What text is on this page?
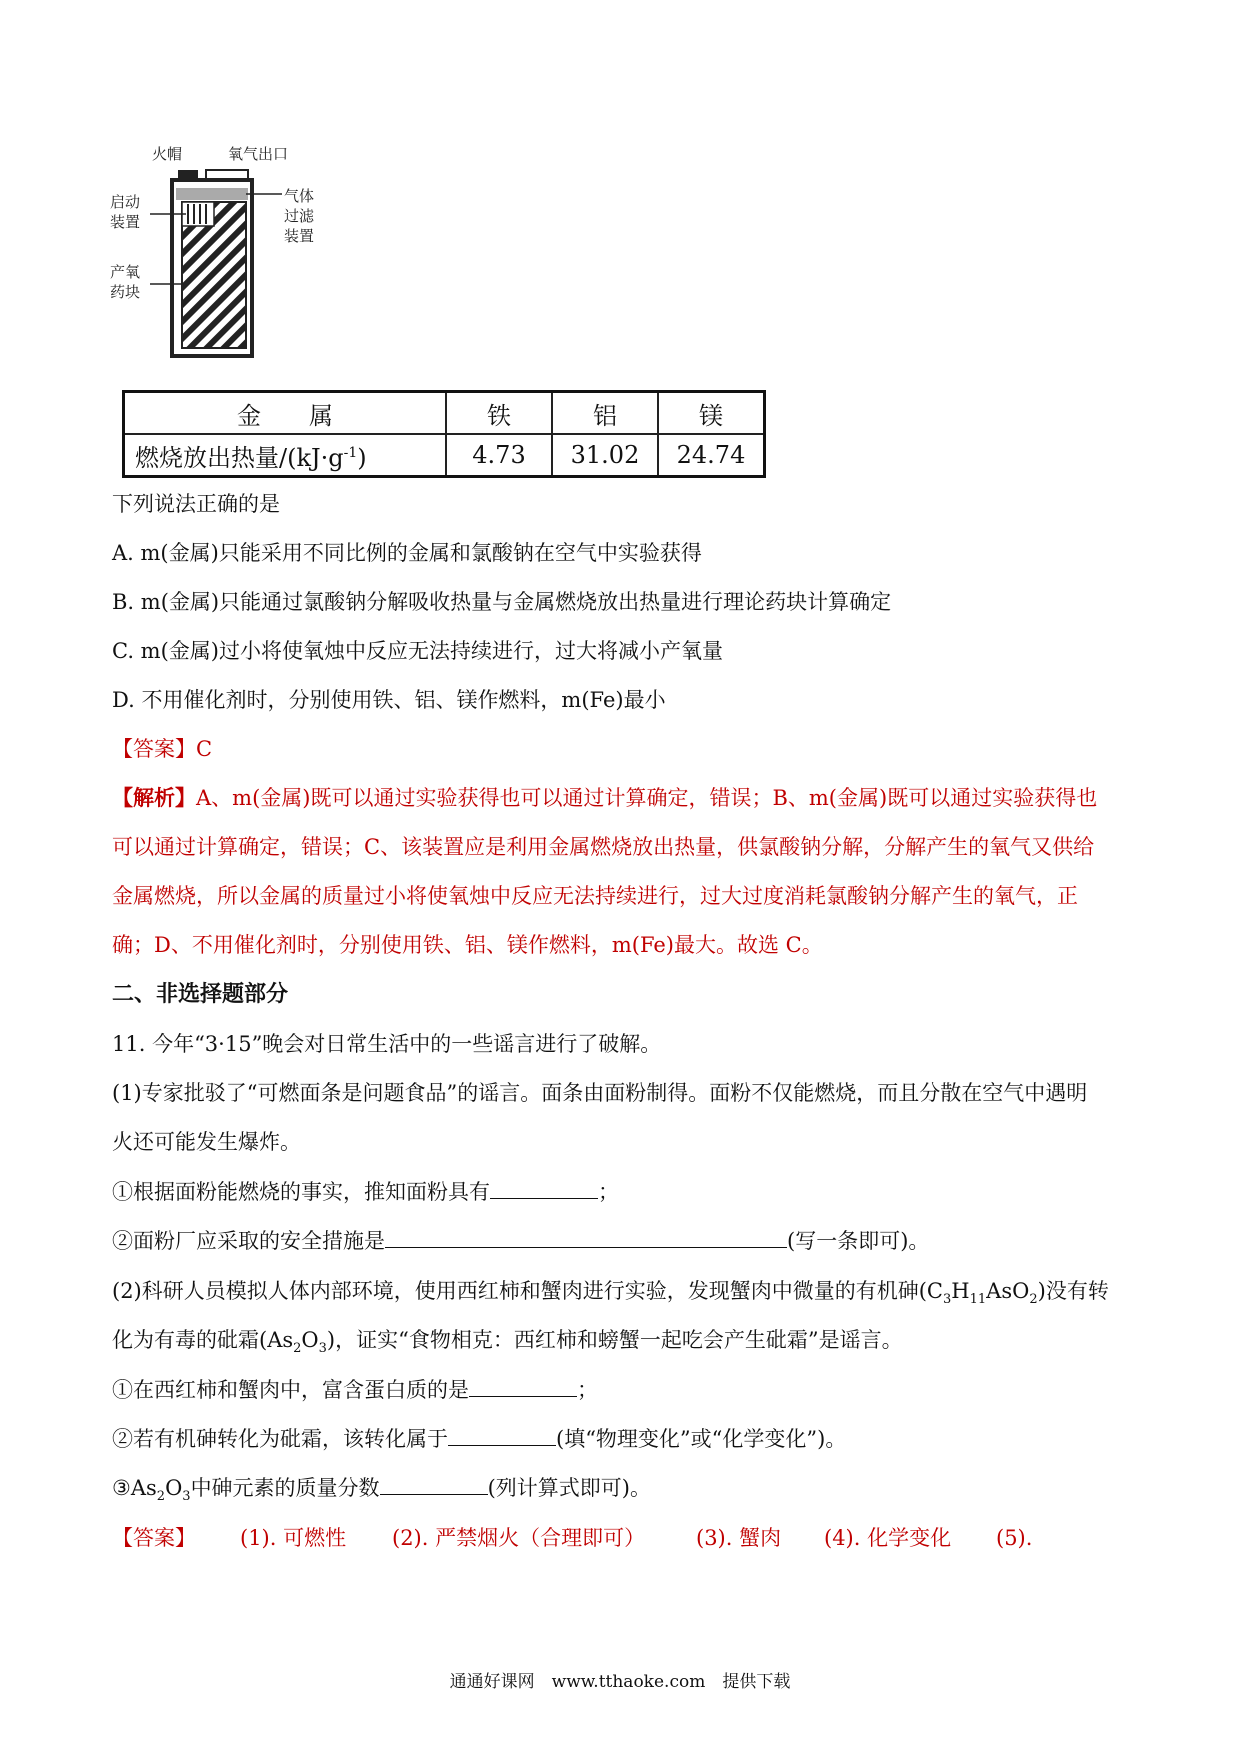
火帽	氧气出口
启动装置
气体过滤装置
产氧药块
金　　属	铁	铝	镁
燃烧放出热量$/(kJ\cdot g^{-1})$	4.73	31.02	24.74
下列说法正确的是
A. m(金属)只能采用不同比例的金属和氯酸钠在空气中实验获得
B. m(金属)只能通过氯酸钠分解吸收热量与金属燃烧放出热量进行理论药块计算确定
C. m(金属)过小将使氧烛中反应无法持续进行，过大将减小产氧量
D. 不用催化剂时，分别使用铁、铝、镁作燃料，m(Fe)最小
【答案】C
【解析】A、m(金属)既可以通过实验获得也可以通过计算确定，错误；B、m(金属)既可以通过实验获得也
可以通过计算确定，错误；C、该装置应是利用金属燃烧放出热量，供氯酸钠分解，分解产生的氧气又供给
金属燃烧，所以金属的质量过小将使氧烛中反应无法持续进行，过大过度消耗氯酸钠分解产生的氧气，正
确；D、不用催化剂时，分别使用铁、铝、镁作燃料，m(Fe)最大。故选 C。
二、非选择题部分
11. 今年“3·15”晚会对日常生活中的一些谣言进行了破解。
(1)专家批驳了“可燃面条是问题食品”的谣言。面条由面粉制得。面粉不仅能燃烧，而且分散在空气中遇明
火还可能发生爆炸。
①根据面粉能燃烧的事实，推知面粉具有	；
②面粉厂应采取的安全措施是	(写一条即可)。
(2)科研人员模拟人体内部环境，使用西红柿和蟹肉进行实验，发现蟹肉中微量的有机砷$(C_3H_{11}AsO_2)$没有转
化为有毒的砒霜$(As_2O_3)$，证实“食物相克：西红柿和螃蟹一起吃会产生砒霜”是谣言。
①在西红柿和蟹肉中，富含蛋白质的是	；
②若有机砷转化为砒霜，该转化属于	(填“物理变化”或“化学变化”)。
$③As_2O_3$中砷元素的质量分数	(列计算式即可)。
【答案】 (1). 可燃性 (2). 严禁烟火（合理即可） (3). 蟹肉 (4). 化学变化 (5).
通通好课网　www.tthaoke.com　提供下载
